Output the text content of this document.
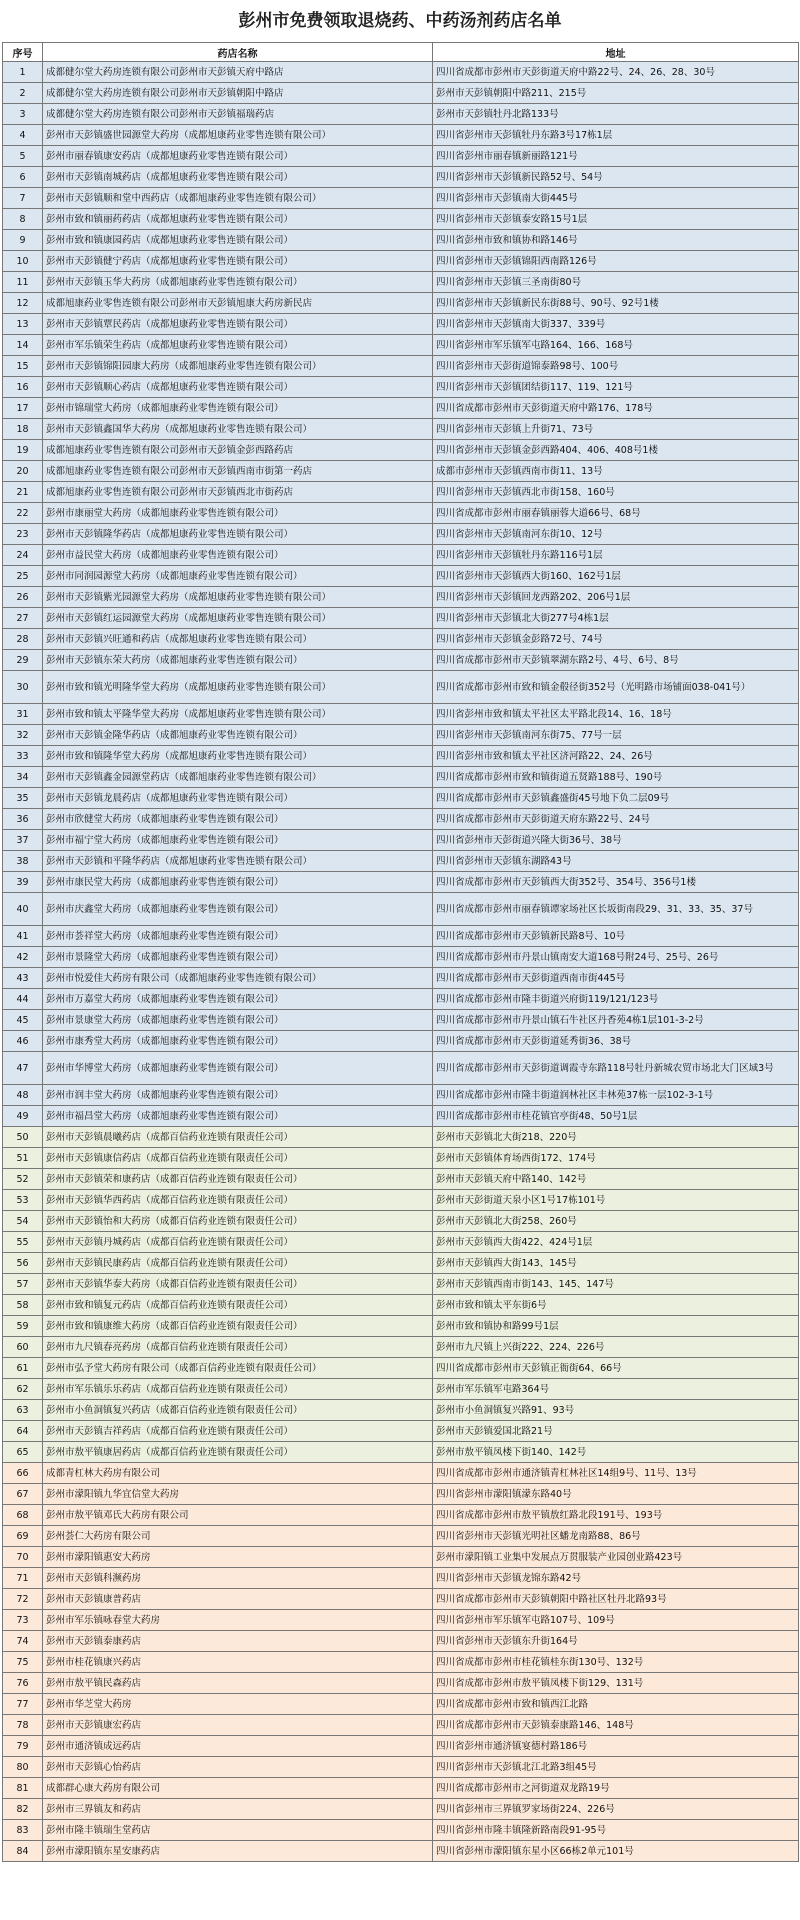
彭州市免费领取退烧药、中药汤剂药店名单
序号	药店名称	地址
1	成都健尔堂大药房连锁有限公司彭州市天彭镇天府中路店	四川省成都市彭州市天彭街道天府中路22号、24、26、28、30号
2	成都健尔堂大药房连锁有限公司彭州市天彭镇朝阳中路店	彭州市天彭镇朝阳中路211、215号
3	成都健尔堂大药房连锁有限公司彭州市天彭镇福瑞药店	彭州市天彭镇牡丹北路133号
4	彭州市天彭镇盛世园源堂大药房（成都旭康药业零售连锁有限公司）	四川省彭州市天彭镇牡丹东路3号17栋1层
5	彭州市丽春镇康安药店（成都旭康药业零售连锁有限公司）	四川省彭州市丽春镇新丽路121号
6	彭州市天彭镇南城药店（成都旭康药业零售连锁有限公司）	四川省彭州市天彭镇新民路52号、54号
7	彭州市天彭镇顺和堂中西药店（成都旭康药业零售连锁有限公司）	四川省彭州市天彭镇南大街445号
8	彭州市致和镇丽药药店（成都旭康药业零售连锁有限公司）	四川省彭州市天彭镇泰安路15号1层
9	彭州市致和镇康园药店（成都旭康药业零售连锁有限公司）	四川省彭州市致和镇协和路146号
10	彭州市天彭镇健宁药店（成都旭康药业零售连锁有限公司）	四川省彭州市天彭镇锦阳西南路126号
11	彭州市天彭镇玉华大药房（成都旭康药业零售连锁有限公司）	四川省彭州市天彭镇三圣南街80号
12	成都旭康药业零售连锁有限公司彭州市天彭镇旭康大药房新民店	四川省彭州市天彭镇新民东街88号、90号、92号1楼
13	彭州市天彭镇覃民药店（成都旭康药业零售连锁有限公司）	四川省彭州市天彭镇南大街337、339号
14	彭州市军乐镇荣生药店（成都旭康药业零售连锁有限公司）	四川省彭州市军乐镇军屯路164、166、168号
15	彭州市天彭镇锦阳园康大药房（成都旭康药业零售连锁有限公司）	四川省彭州市天彭街道锦泰路98号、100号
16	彭州市天彭镇顺心药店（成都旭康药业零售连锁有限公司）	四川省彭州市天彭镇团结街117、119、121号
17	彭州市锦瑞堂大药房（成都旭康药业零售连锁有限公司）	四川省成都市彭州市天彭街道天府中路176、178号
18	彭州市天彭镇鑫国华大药房（成都旭康药业零售连锁有限公司）	四川省彭州市天彭镇上升街71、73号
19	成都旭康药业零售连锁有限公司彭州市天彭镇金彭西路药店	四川省彭州市天彭镇金彭西路404、406、408号1楼
20	成都旭康药业零售连锁有限公司彭州市天彭镇西南市街第一药店	成都市彭州市天彭镇西南市街11、13号
21	成都旭康药业零售连锁有限公司彭州市天彭镇西北市街药店	四川省彭州市天彭镇西北市街158、160号
22	彭州市康丽堂大药房（成都旭康药业零售连锁有限公司）	四川省成都市彭州市丽春镇丽蓉大道66号、68号
23	彭州市天彭镇隆华药店（成都旭康药业零售连锁有限公司）	四川省彭州市天彭镇南河东街10、12号
24	彭州市益民堂大药房（成都旭康药业零售连锁有限公司）	四川省彭州市天彭镇牡丹东路116号1层
25	彭州市同润园源堂大药房（成都旭康药业零售连锁有限公司）	四川省彭州市天彭镇西大街160、162号1层
26	彭州市天彭镇紫光园源堂大药房（成都旭康药业零售连锁有限公司）	四川省彭州市天彭镇回龙西路202、206号1层
27	彭州市天彭镇红运园源堂大药房（成都旭康药业零售连锁有限公司）	四川省彭州市天彭镇北大街277号4栋1层
28	彭州市天彭镇兴旺通和药店（成都旭康药业零售连锁有限公司）	四川省彭州市天彭镇金彭路72号、74号
29	彭州市天彭镇东荣大药房（成都旭康药业零售连锁有限公司）	四川省成都市彭州市天彭镇翠湖东路2号、4号、6号、8号
30	彭州市致和镇光明隆华堂大药房（成都旭康药业零售连锁有限公司）	四川省成都市彭州市致和镇金殽径街352号（光明路市场铺面038-041号）
31	彭州市致和镇太平隆华堂大药房（成都旭康药业零售连锁有限公司）	四川省彭州市致和镇太平社区太平路北段14、16、18号
32	彭州市天彭镇金隆华药店（成都旭康药业零售连锁有限公司）	四川省彭州市天彭镇南河东街75、77号一层
33	彭州市致和镇隆华堂大药房（成都旭康药业零售连锁有限公司）	四川省彭州市致和镇太平社区济河路22、24、26号
34	彭州市天彭镇鑫金园源堂药店（成都旭康药业零售连锁有限公司）	四川省成都市彭州市致和镇街道五贤路188号、190号
35	彭州市天彭镇龙晨药店（成都旭康药业零售连锁有限公司）	四川省成都市彭州市天彭镇鑫盛街45号地下负二层09号
36	彭州市欣健堂大药房（成都旭康药业零售连锁有限公司）	四川省成都市彭州市天彭街道天府东路22号、24号
37	彭州市福宁堂大药房（成都旭康药业零售连锁有限公司）	四川省彭州市天彭街道兴隆大街36号、38号
38	彭州市天彭镇和平隆华药店（成都旭康药业零售连锁有限公司）	四川省彭州市天彭镇东湖路43号
39	彭州市康民堂大药房（成都旭康药业零售连锁有限公司）	四川省成都市彭州市天彭镇西大街352号、354号、356号1楼
40	彭州市庆鑫堂大药房（成都旭康药业零售连锁有限公司）	四川省成都市彭州市丽春镇谭家场社区长坂街南段29、31、33、35、37号
41	彭州市荟祥堂大药房（成都旭康药业零售连锁有限公司）	四川省成都市彭州市天彭镇新民路8号、10号
42	彭州市景隆堂大药房（成都旭康药业零售连锁有限公司）	四川省成都市彭州市丹景山镇南安大道168号附24号、25号、26号
43	彭州市悦爱佳大药房有限公司（成都旭康药业零售连锁有限公司）	四川省成都市彭州市天彭街道西南市街445号
44	彭州市万嘉堂大药房（成都旭康药业零售连锁有限公司）	四川省成都市彭州市隆丰街道兴府街119/121/123号
45	彭州市景康堂大药房（成都旭康药业零售连锁有限公司）	四川省成都市彭州市丹景山镇石牛社区丹香苑4栋1层101-3-2号
46	彭州市康秀堂大药房（成都旭康药业零售连锁有限公司）	四川省成都市彭州市天彭街道延秀街36、38号
47	彭州市华博堂大药房（成都旭康药业零售连锁有限公司）	四川省成都市彭州市天彭街道调霞寺东路118号牡丹新城农贸市场北大门区域3号
48	彭州市润丰堂大药房（成都旭康药业零售连锁有限公司）	四川省成都市彭州市隆丰街道润林社区丰林苑37栋一层102-3-1号
49	彭州市福昌堂大药房（成都旭康药业零售连锁有限公司）	四川省成都市彭州市桂花镇官亭街48、50号1层
50	彭州市天彭镇晨曦药店（成都百信药业连锁有限责任公司）	彭州市天彭镇北大街218、220号
51	彭州市天彭镇康信药店（成都百信药业连锁有限责任公司）	彭州市天彭镇体育场西街172、174号
52	彭州市天彭镇荣和康药店（成都百信药业连锁有限责任公司）	彭州市天彭镇天府中路140、142号
53	彭州市天彭镇华西药店（成都百信药业连锁有限责任公司）	彭州市天彭街道天泉小区1号17栋101号
54	彭州市天彭镇怡和大药房（成都百信药业连锁有限责任公司）	彭州市天彭镇北大街258、260号
55	彭州市天彭镇丹城药店（成都百信药业连锁有限责任公司）	彭州市天彭镇西大街422、424号1层
56	彭州市天彭镇民康药店（成都百信药业连锁有限责任公司）	彭州市天彭镇西大街143、145号
57	彭州市天彭镇华泰大药房（成都百信药业连锁有限责任公司）	彭州市天彭镇西南市街143、145、147号
58	彭州市致和镇复元药店（成都百信药业连锁有限责任公司）	彭州市致和镇太平东街6号
59	彭州市致和镇康维大药房（成都百信药业连锁有限责任公司）	彭州市致和镇协和路99号1层
60	彭州市九尺镇春亮药房（成都百信药业连锁有限责任公司）	彭州市九尺镇上兴街222、224、226号
61	彭州市弘予堂大药房有限公司（成都百信药业连锁有限责任公司）	四川省成都市彭州市天彭镇正衙街64、66号
62	彭州市军乐镇乐乐药店（成都百信药业连锁有限责任公司）	彭州市军乐镇军屯路364号
63	彭州市小鱼洞镇复兴药店（成都百信药业连锁有限责任公司）	彭州市小鱼洞镇复兴路91、93号
64	彭州市天彭镇吉祥药店（成都百信药业连锁有限责任公司）	彭州市天彭镇爱国北路21号
65	彭州市敖平镇康居药店（成都百信药业连锁有限责任公司）	彭州市敖平镇凤楼下街140、142号
66	成都青杠林大药房有限公司	四川省成都市彭州市通济镇青杠林社区14组9号、11号、13号
67	彭州市濛阳镇九华宜信堂大药房	四川省彭州市濛阳镇濛东路40号
68	彭州市敖平镇邓氏大药房有限公司	四川省成都市彭州市敖平镇敖红路北段191号、193号
69	彭州荟仁大药房有限公司	四川省彭州市天彭镇光明社区蟠龙南路88、86号
70	彭州市濛阳镇惠安大药房	彭州市濛阳镇工业集中发展点万贯服装产业园创业路423号
71	彭州市天彭镇科濒药房	四川省彭州市天彭镇龙锦东路42号
72	彭州市天彭镇康普药店	四川省成都市彭州市天彭镇朝阳中路社区牡丹北路93号
73	彭州市军乐镇咏春堂大药房	四川省彭州市军乐镇军屯路107号、109号
74	彭州市天彭镇泰康药店	四川省彭州市天彭镇东升街164号
75	彭州市桂花镇康兴药店	四川省成都市彭州市桂花镇桂东街130号、132号
76	彭州市敖平镇民森药店	四川省成都市彭州市敖平镇凤楼下街129、131号
77	彭州市华芝堂大药房	四川省成都市彭州市致和镇西江北路
78	彭州市天彭镇康宏药店	四川省成都市彭州市天彭镇泰康路146、148号
79	彭州市通济镇成远药店	四川省彭州市通济镇宴德村路186号
80	彭州市天彭镇心怡药店	四川省彭州市天彭镇北江北路3组45号
81	成都群心康大药房有限公司	四川省成都市彭州市之河街道双龙路19号
82	彭州市三界镇友和药店	四川省彭州市三界镇罗家场街224、226号
83	彭州市隆丰镇瑞生堂药店	四川省彭州市隆丰镇隆新路南段91-95号
84	彭州市濛阳镇东星安康药店	四川省彭州市濛阳镇东星小区66栋2单元101号
